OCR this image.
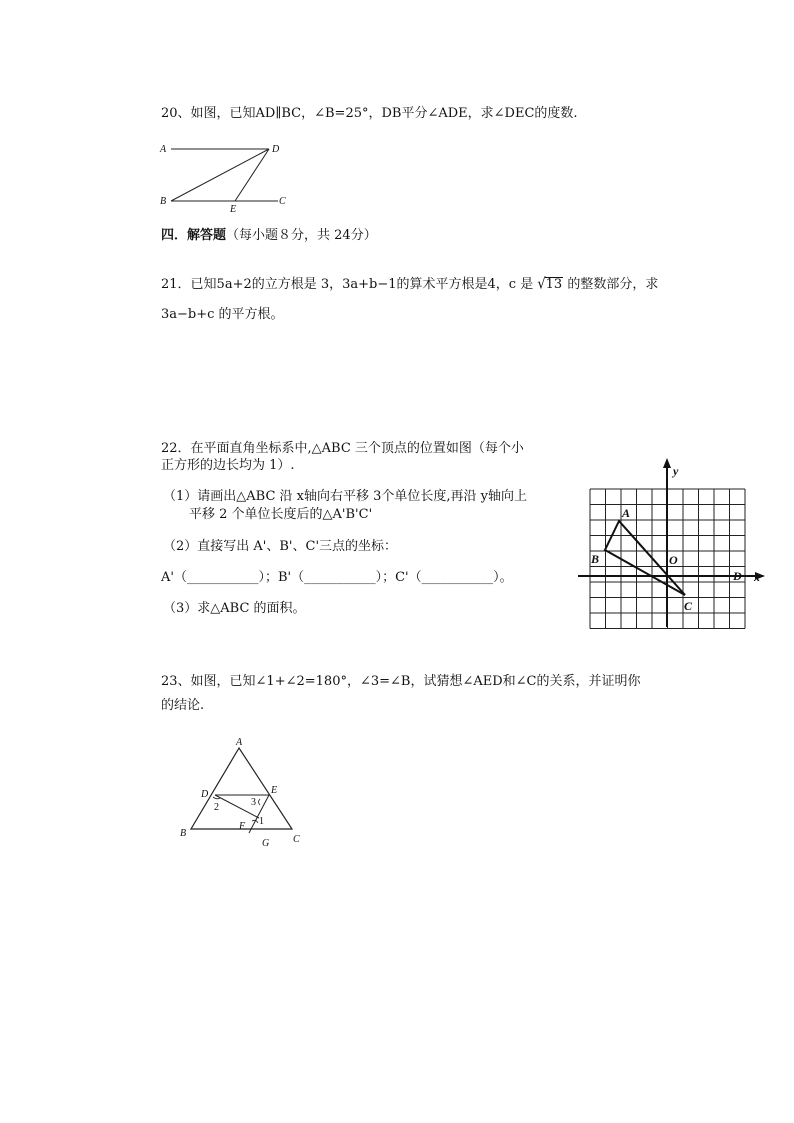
20、如图，已知AD∥BC，∠B=25°，DB平分∠ADE，求∠DEC的度数.
A	D
B
E
C
四．解答题（每小题８分，共 24分）
21．已知5a+2的立方根是 3，3a+b−1的算术平方根是4，c 是 √13 的整数部分，求
3a−b+c 的平方根。
22．在平面直角坐标系中,△ABC 三个顶点的位置如图（每个小
正方形的边长均为 1）.
（1）请画出△ABC 沿 x轴向右平移 3个单位长度,再沿 y轴向上
平移 2 个单位长度后的△A'B'C'
（2）直接写出 A'、B'、C'三点的坐标：
A'（___________）；B'（___________）；C'（___________）。
（3）求△ABC 的面积。
A
B
C
O
D x
y
23、如图，已知∠1+∠2=180°，∠3=∠B，试猜想∠AED和∠C的关系，并证明你
的结论.
A
D	E
B
C
F
G
2	3
1
